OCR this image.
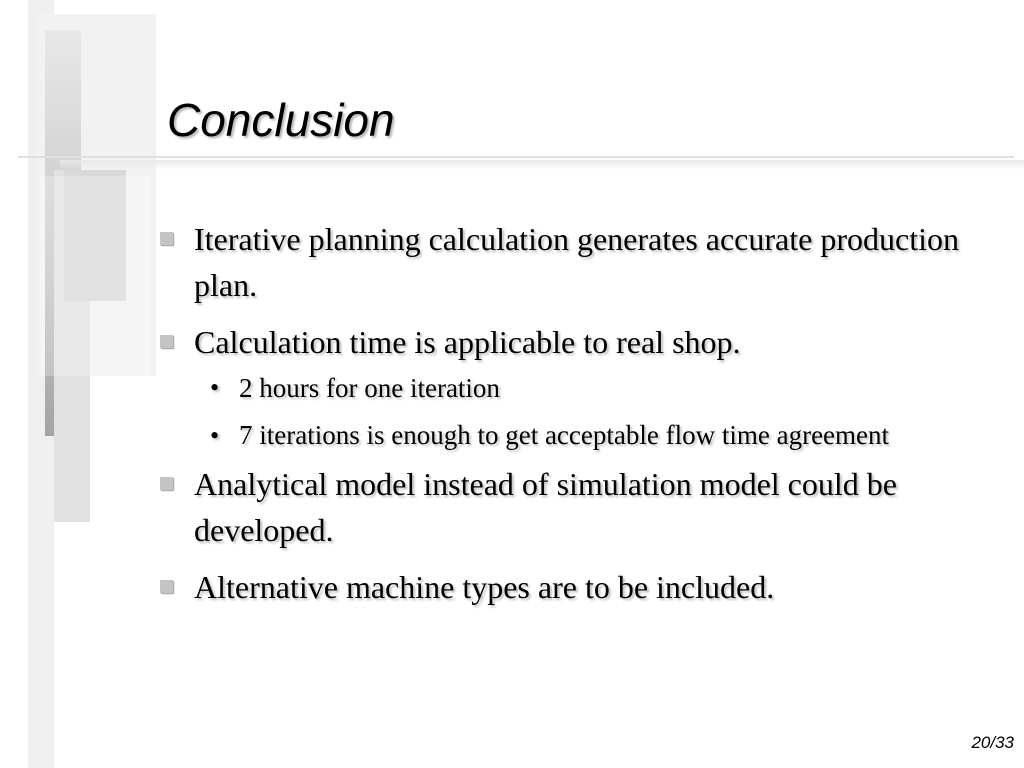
Conclusion
Iterative planning calculation generates accurate production plan.
Calculation time is applicable to real shop.
• 2 hours for one iteration
• 7 iterations is enough to get acceptable flow time agreement
Analytical model instead of simulation model could be developed.
Alternative machine types are to be included.
20/33
